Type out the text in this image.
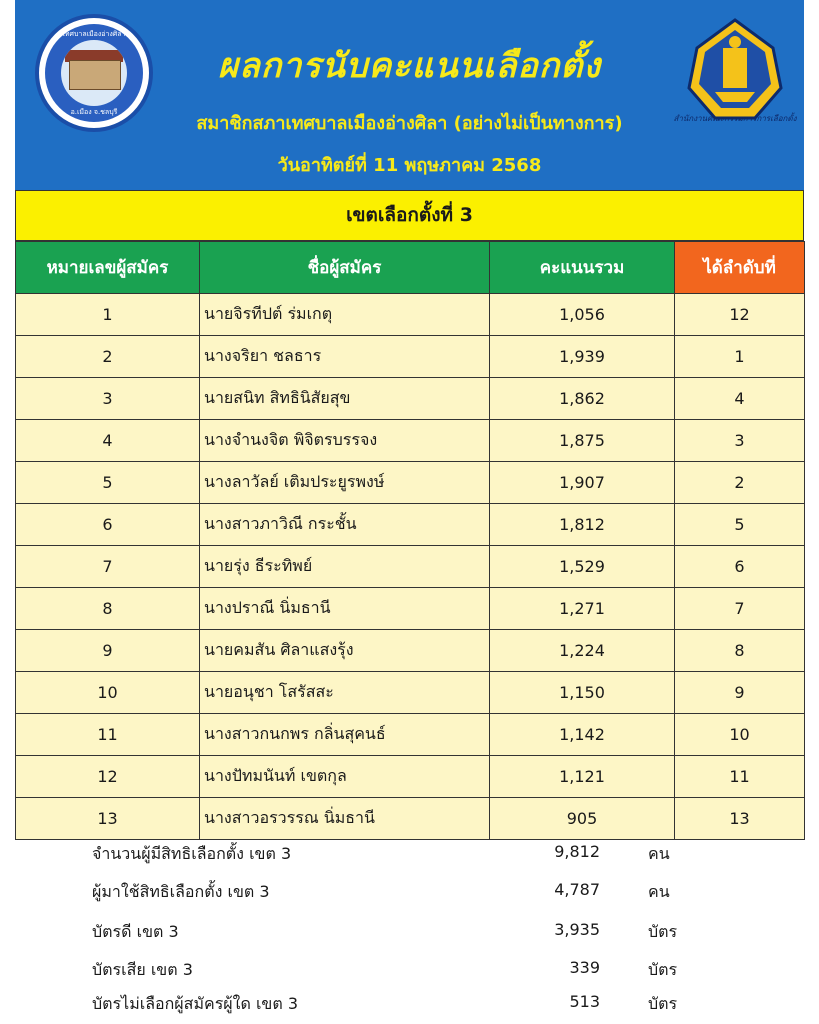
เทศบาลเมืองอ่างศิลา
อ.เมือง จ.ชลบุรี
ผลการนับคะแนนเลือกตั้ง
สมาชิกสภาเทศบาลเมืองอ่างศิลา (อย่างไม่เป็นทางการ)
วันอาทิตย์ที่ 11 พฤษภาคม 2568
สำนักงานคณะกรรมการการเลือกตั้ง
เขตเลือกตั้งที่ 3
หมายเลขผู้สมัคร	ชื่อผู้สมัคร	คะแนนรวม	ได้ลำดับที่
1	นายจิรทีปต์ ร่มเกตุ	1,056	12
2	นางจริยา ชลธาร	1,939	1
3	นายสนิท สิทธินิสัยสุข	1,862	4
4	นางจำนงจิต พิจิตรบรรจง	1,875	3
5	นางลาวัลย์ เติมประยูรพงษ์	1,907	2
6	นางสาวภาวิณี กระชั้น	1,812	5
7	นายรุ่ง ธีระทิพย์	1,529	6
8	นางปราณี นิ่มธานี	1,271	7
9	นายคมสัน ศิลาแสงรุ้ง	1,224	8
10	นายอนุชา โสรัสสะ	1,150	9
11	นางสาวกนกพร กลิ่นสุคนธ์	1,142	10
12	นางปัทมนันท์ เขตกุล	1,121	11
13	นางสาวอรวรรณ นิ่มธานี	905	13
จำนวนผู้มีสิทธิเลือกตั้ง เขต 3	9,812	คน
ผู้มาใช้สิทธิเลือกตั้ง เขต 3	4,787	คน
บัตรดี เขต 3	3,935	บัตร
บัตรเสีย เขต 3	339	บัตร
บัตรไม่เลือกผู้สมัครผู้ใด เขต 3	513	บัตร
